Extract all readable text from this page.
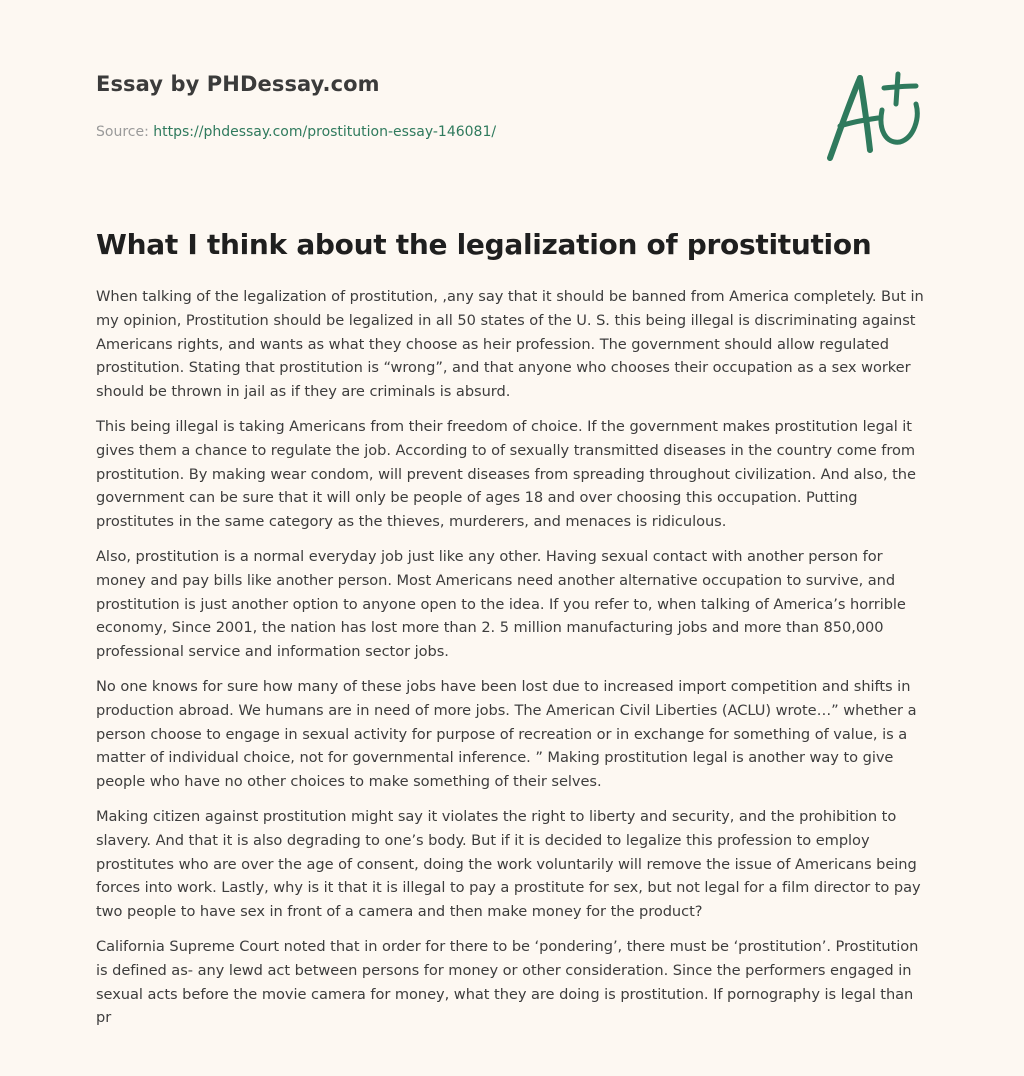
Essay by PHDessay.com
Source: https://phdessay.com/prostitution-essay-146081/
What I think about the legalization of prostitution

When talking of the legalization of prostitution, ,any say that it should be banned from America completely. But in my opinion, Prostitution should be legalized in all 50 states of the U. S. this being illegal is discriminating against Americans rights, and wants as what they choose as heir profession. The government should allow regulated prostitution. Stating that prostitution is “wrong”, and that anyone who chooses their occupation as a sex worker should be thrown in jail as if they are criminals is absurd.

This being illegal is taking Americans from their freedom of choice. If the government makes prostitution legal it gives them a chance to regulate the job. According to of sexually transmitted diseases in the country come from prostitution. By making wear condom, will prevent diseases from spreading throughout civilization. And also, the government can be sure that it will only be people of ages 18 and over choosing this occupation. Putting prostitutes in the same category as the thieves, murderers, and menaces is ridiculous.

Also, prostitution is a normal everyday job just like any other. Having sexual contact with another person for money and pay bills like another person. Most Americans need another alternative occupation to survive, and prostitution is just another option to anyone open to the idea. If you refer to, when talking of America’s horrible economy, Since 2001, the nation has lost more than 2. 5 million manufacturing jobs and more than 850,000 professional service and information sector jobs.

No one knows for sure how many of these jobs have been lost due to increased import competition and shifts in production abroad. We humans are in need of more jobs. The American Civil Liberties (ACLU) wrote…” whether a person choose to engage in sexual activity for purpose of recreation or in exchange for something of value, is a matter of individual choice, not for governmental inference. ” Making prostitution legal is another way to give people who have no other choices to make something of their selves.

Making citizen against prostitution might say it violates the right to liberty and security, and the prohibition to slavery. And that it is also degrading to one’s body. But if it is decided to legalize this profession to employ prostitutes who are over the age of consent, doing the work voluntarily will remove the issue of Americans being forces into work. Lastly, why is it that it is illegal to pay a prostitute for sex, but not legal for a film director to pay two people to have sex in front of a camera and then make money for the product?

California Supreme Court noted that in order for there to be ‘pondering’, there must be ‘prostitution’. Prostitution is defined as- any lewd act between persons for money or other consideration. Since the performers engaged in sexual acts before the movie camera for money, what they are doing is prostitution. If pornography is legal than pr
